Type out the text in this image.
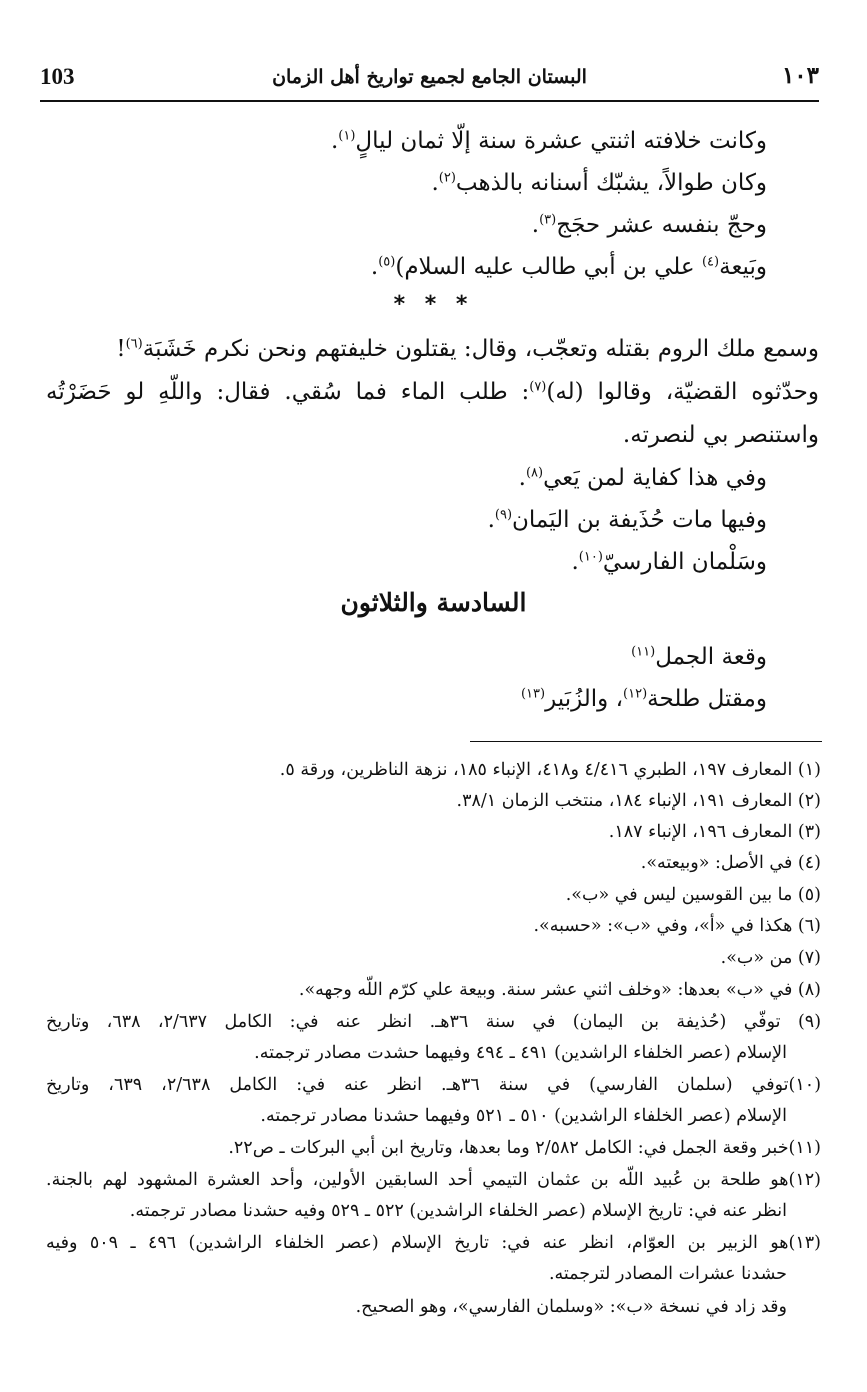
١٠٣
البستان الجامع لجميع تواريخ أهل الزمان
103

وكانت خلافته اثنتي عشرة سنة إلّا ثمان ليالٍ$^{(١)}$.

وكان طوالاً، يشبّك أسنانه بالذهب$^{(٢)}$.

وحجّ بنفسه عشر حجَج$^{(٣)}$.

وبَيعة$^{(٤)}$ علي بن أبي طالب عليه السلام)$^{(٥)}$.

* * *

وسمع ملك الروم بقتله وتعجّب، وقال: يقتلون خليفتهم ونحن نكرم خَشَبَة$^{(٦)}$!

وحدّثوه القضيّة، وقالوا (له)$^{(٧)}$: طلب الماء فما سُقي. فقال: واللّهِ لو حَضَرْتُه

واستنصر بي لنصرته.

وفي هذا كفاية لمن يَعي$^{(٨)}$.

وفيها مات حُذَيفة بن اليَمان$^{(٩)}$.

وسَلْمان الفارسيّ$^{(١٠)}$.

السادسة والثلاثون

وقعة الجمل$^{(١١)}$

ومقتل طلحة$^{(١٢)}$، والزُبَير$^{(١٣)}$

(١) المعارف ١٩٧، الطبري ٤/٤١٦ و٤١٨، الإنباء ١٨٥، نزهة الناظرين، ورقة ٥.

(٢) المعارف ١٩١، الإنباء ١٨٤، منتخب الزمان ٣٨/١.

(٣) المعارف ١٩٦، الإنباء ١٨٧.

(٤) في الأصل: «وبيعته».

(٥) ما بين القوسين ليس في «ب».

(٦) هكذا في «أ»، وفي «ب»: «حسبه».

(٧) من «ب».

(٨) في «ب» بعدها: «وخلف اثني عشر سنة. وبيعة علي كرّم اللّه وجهه».

(٩) توفّي (حُذيفة بن اليمان) في سنة ٣٦هـ. انظر عنه في: الكامل ٢/٦٣٧، ٦٣٨، وتاريخ

الإسلام (عصر الخلفاء الراشدين) ٤٩١ ـ ٤٩٤ وفيهما حشدت مصادر ترجمته.

(١٠)توفي (سلمان الفارسي) في سنة ٣٦هـ. انظر عنه في: الكامل ٢/٦٣٨، ٦٣٩، وتاريخ

الإسلام (عصر الخلفاء الراشدين) ٥١٠ ـ ٥٢١ وفيهما حشدنا مصادر ترجمته.

(١١)خبر وقعة الجمل في: الكامل ٢/٥٨٢ وما بعدها، وتاريخ ابن أبي البركات ـ ص٢٢.

(١٢)هو طلحة بن عُبيد اللّه بن عثمان التيمي أحد السابقين الأولين، وأحد العشرة المشهود لهم بالجنة.

انظر عنه في: تاريخ الإسلام (عصر الخلفاء الراشدين) ٥٢٢ ـ ٥٢٩ وفيه حشدنا مصادر ترجمته.

(١٣)هو الزبير بن العوّام، انظر عنه في: تاريخ الإسلام (عصر الخلفاء الراشدين) ٤٩٦ ـ ٥٠٩ وفيه

حشدنا عشرات المصادر لترجمته.

وقد زاد في نسخة «ب»: «وسلمان الفارسي»، وهو الصحيح.
